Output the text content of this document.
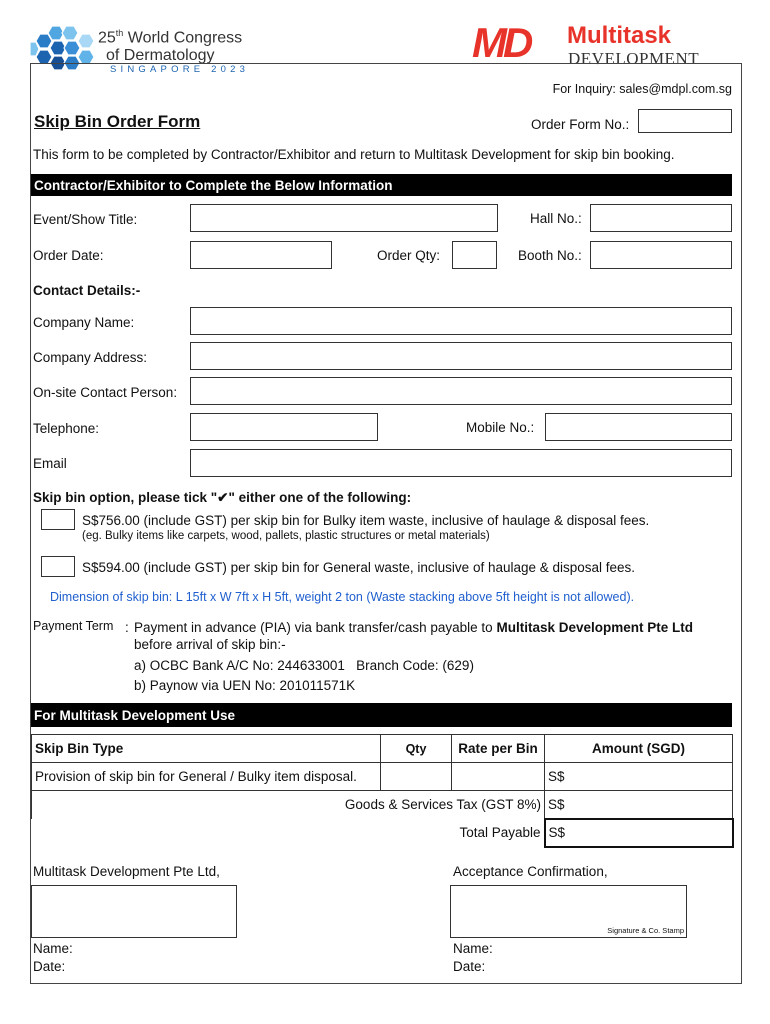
25th World Congress
of Dermatology
SINGAPORE 2023
MD Multitask
DEVELOPMENT
For Inquiry: sales@mdpl.com.sg
Skip Bin Order Form	Order Form No.:
This form to be completed by Contractor/Exhibitor and return to Multitask Development for skip bin booking.
Contractor/Exhibitor to Complete the Below Information
Event/Show Title:	Hall No.:
Order Date:	Order Qty:	Booth No.:
Contact Details:-
Company Name:
Company Address:
On-site Contact Person:
Telephone:	Mobile No.:
Email
Skip bin option, please tick "✔" either one of the following:
S$756.00 (include GST) per skip bin for Bulky item waste, inclusive of haulage & disposal fees.
(eg. Bulky items like carpets, wood, pallets, plastic structures or metal materials)
S$594.00 (include GST) per skip bin for General waste, inclusive of haulage & disposal fees.
Dimension of skip bin: L 15ft x W 7ft x H 5ft, weight 2 ton (Waste stacking above 5ft height is not allowed).
Payment Term : Payment in advance (PIA) via bank transfer/cash payable to Multitask Development Pte Ltd
before arrival of skip bin:-
a) OCBC Bank A/C No: 244633001   Branch Code: (629)
b) Paynow via UEN No: 201011571K
For Multitask Development Use
Skip Bin Type	Qty	Rate per Bin	Amount (SGD)
Provision of skip bin for General / Bulky item disposal.			S$
Goods & Services Tax (GST 8%)			S$
Total Payable			S$
Multitask Development Pte Ltd,	Acceptance Confirmation,
Signature & Co. Stamp
Name:
Date:
Name:
Date:
